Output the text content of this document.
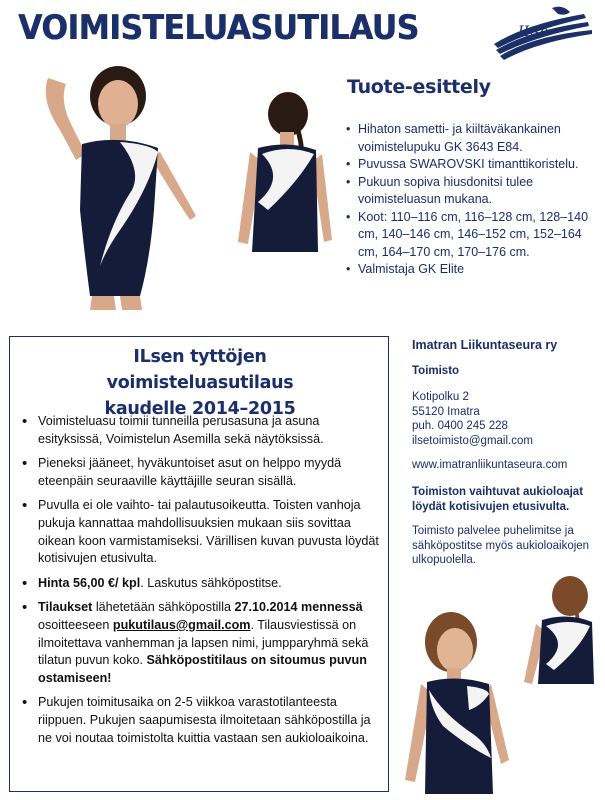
VOIMISTELUASUTILAUS	ILse
Tuote-esittely
• Hihaton sametti- ja kiiltäväkankainen voimistelupuku GK 3643 E84.
• Puvussa SWAROVSKI timanttikoristelu.
• Pukuun sopiva hiusdonitsi tulee voimisteluasun mukana.
• Koot: 110–116 cm, 116–128 cm, 128–140 cm, 140–146 cm, 146–152 cm, 152–164 cm, 164–170 cm, 170–176 cm.
• Valmistaja GK Elite
ILsen tyttöjen voimisteluasutilaus
kaudelle 2014–2015
• Voimisteluasu toimii tunneilla perusasuna ja asuna esityksissä, Voimistelun Asemilla sekä näytöksissä.
• Pieneksi jääneet, hyväkuntoiset asut on helppo myydä eteenpäin seuraaville käyttäjille seuran sisällä.
• Puvulla ei ole vaihto- tai palautusoikeutta. Toisten vanhoja pukuja kannattaa mahdollisuuksien mukaan siis sovittaa oikean koon varmistamiseksi. Värillisen kuvan puvusta löydät kotisivujen etusivulta.
• Hinta 56,00 €/ kpl. Laskutus sähköpostitse.
• Tilaukset lähetetään sähköpostilla 27.10.2014 mennessä osoitteeseen pukutilaus@gmail.com. Tilausviestissä on ilmoitettava vanhemman ja lapsen nimi, jumpparyhmä sekä tilatun puvun koko. Sähköpostitilaus on sitoumus puvun ostamiseen!
• Pukujen toimitusaika on 2-5 viikkoa varastotilanteesta riippuen. Pukujen saapumisesta ilmoitetaan sähköpostilla ja ne voi noutaa toimistolta kuittia vastaan sen aukioloaikoina.

Imatran Liikuntaseura ry

Toimisto

Kotipolku 2
55120 Imatra
puh. 0400 245 228
ilsetoimisto@gmail.com

www.imatranliikuntaseura.com

Toimiston vaihtuvat aukioloajat löydät kotisivujen etusivulta.

Toimisto palvelee puhelimitse ja sähköpostitse myös aukioloaikojen ulkopuolella.
